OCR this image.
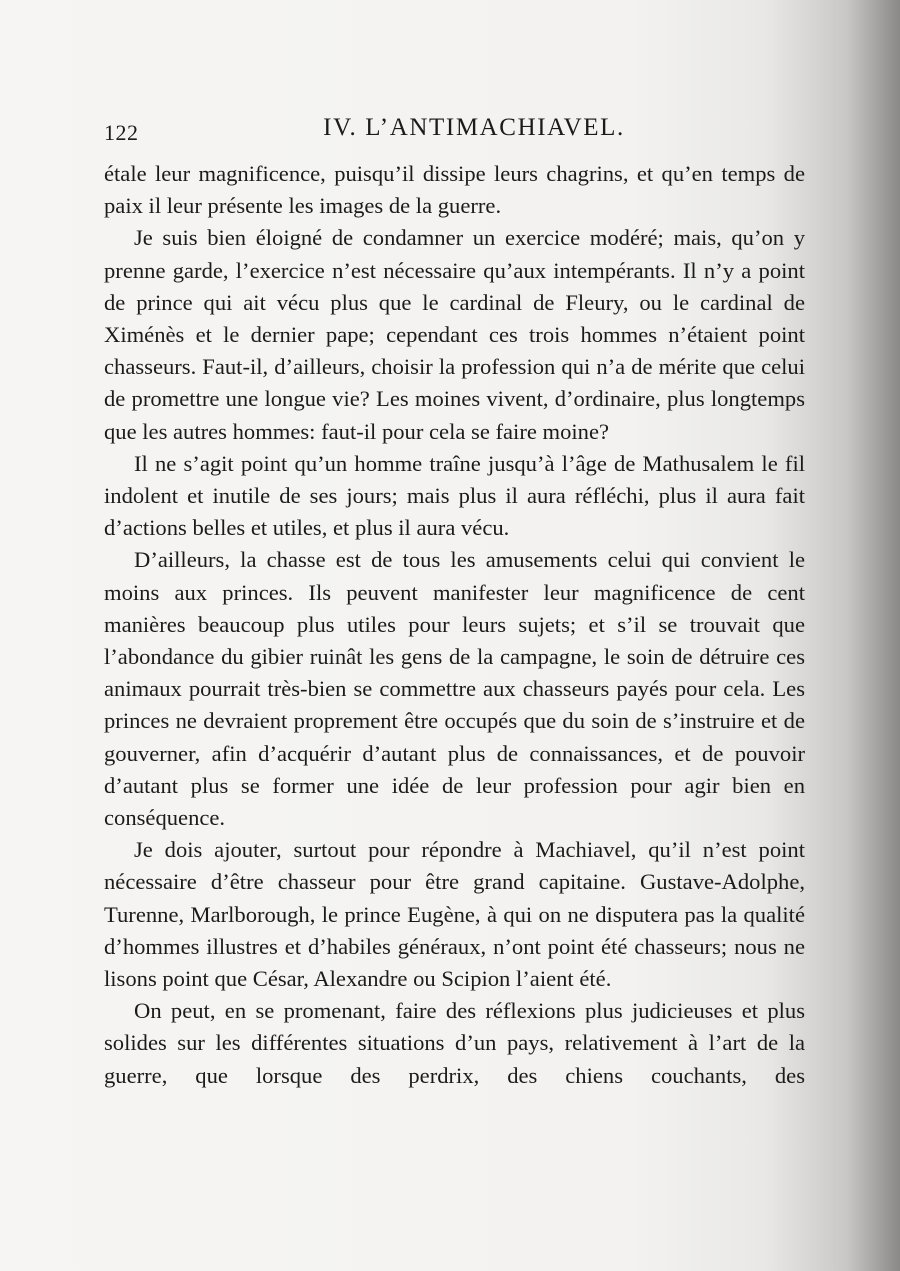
122	IV. L’ANTIMACHIAVEL.

étale leur magnificence, puisqu’il dissipe leurs chagrins, et qu’en temps de paix il leur présente les images de la guerre.

Je suis bien éloigné de condamner un exercice modéré; mais, qu’on y prenne garde, l’exercice n’est nécessaire qu’aux intempérants. Il n’y a point de prince qui ait vécu plus que le cardinal de Fleury, ou le cardinal de Ximénès et le dernier pape; cependant ces trois hommes n’étaient point chasseurs. Faut-il, d’ailleurs, choisir la profession qui n’a de mérite que celui de promettre une longue vie? Les moines vivent, d’ordinaire, plus longtemps que les autres hommes: faut-il pour cela se faire moine?

Il ne s’agit point qu’un homme traîne jusqu’à l’âge de Mathusalem le fil indolent et inutile de ses jours; mais plus il aura réfléchi, plus il aura fait d’actions belles et utiles, et plus il aura vécu.

D’ailleurs, la chasse est de tous les amusements celui qui convient le moins aux princes. Ils peuvent manifester leur magnificence de cent manières beaucoup plus utiles pour leurs sujets; et s’il se trouvait que l’abondance du gibier ruinât les gens de la campagne, le soin de détruire ces animaux pourrait très-bien se commettre aux chasseurs payés pour cela. Les princes ne devraient proprement être occupés que du soin de s’instruire et de gouverner, afin d’acquérir d’autant plus de connaissances, et de pouvoir d’autant plus se former une idée de leur profession pour agir bien en conséquence.

Je dois ajouter, surtout pour répondre à Machiavel, qu’il n’est point nécessaire d’être chasseur pour être grand capitaine. Gustave-Adolphe, Turenne, Marlborough, le prince Eugène, à qui on ne disputera pas la qualité d’hommes illustres et d’habiles généraux, n’ont point été chasseurs; nous ne lisons point que César, Alexandre ou Scipion l’aient été.

On peut, en se promenant, faire des réflexions plus judicieuses et plus solides sur les différentes situations d’un pays, relativement à l’art de la guerre, que lorsque des perdrix, des chiens couchants, des
